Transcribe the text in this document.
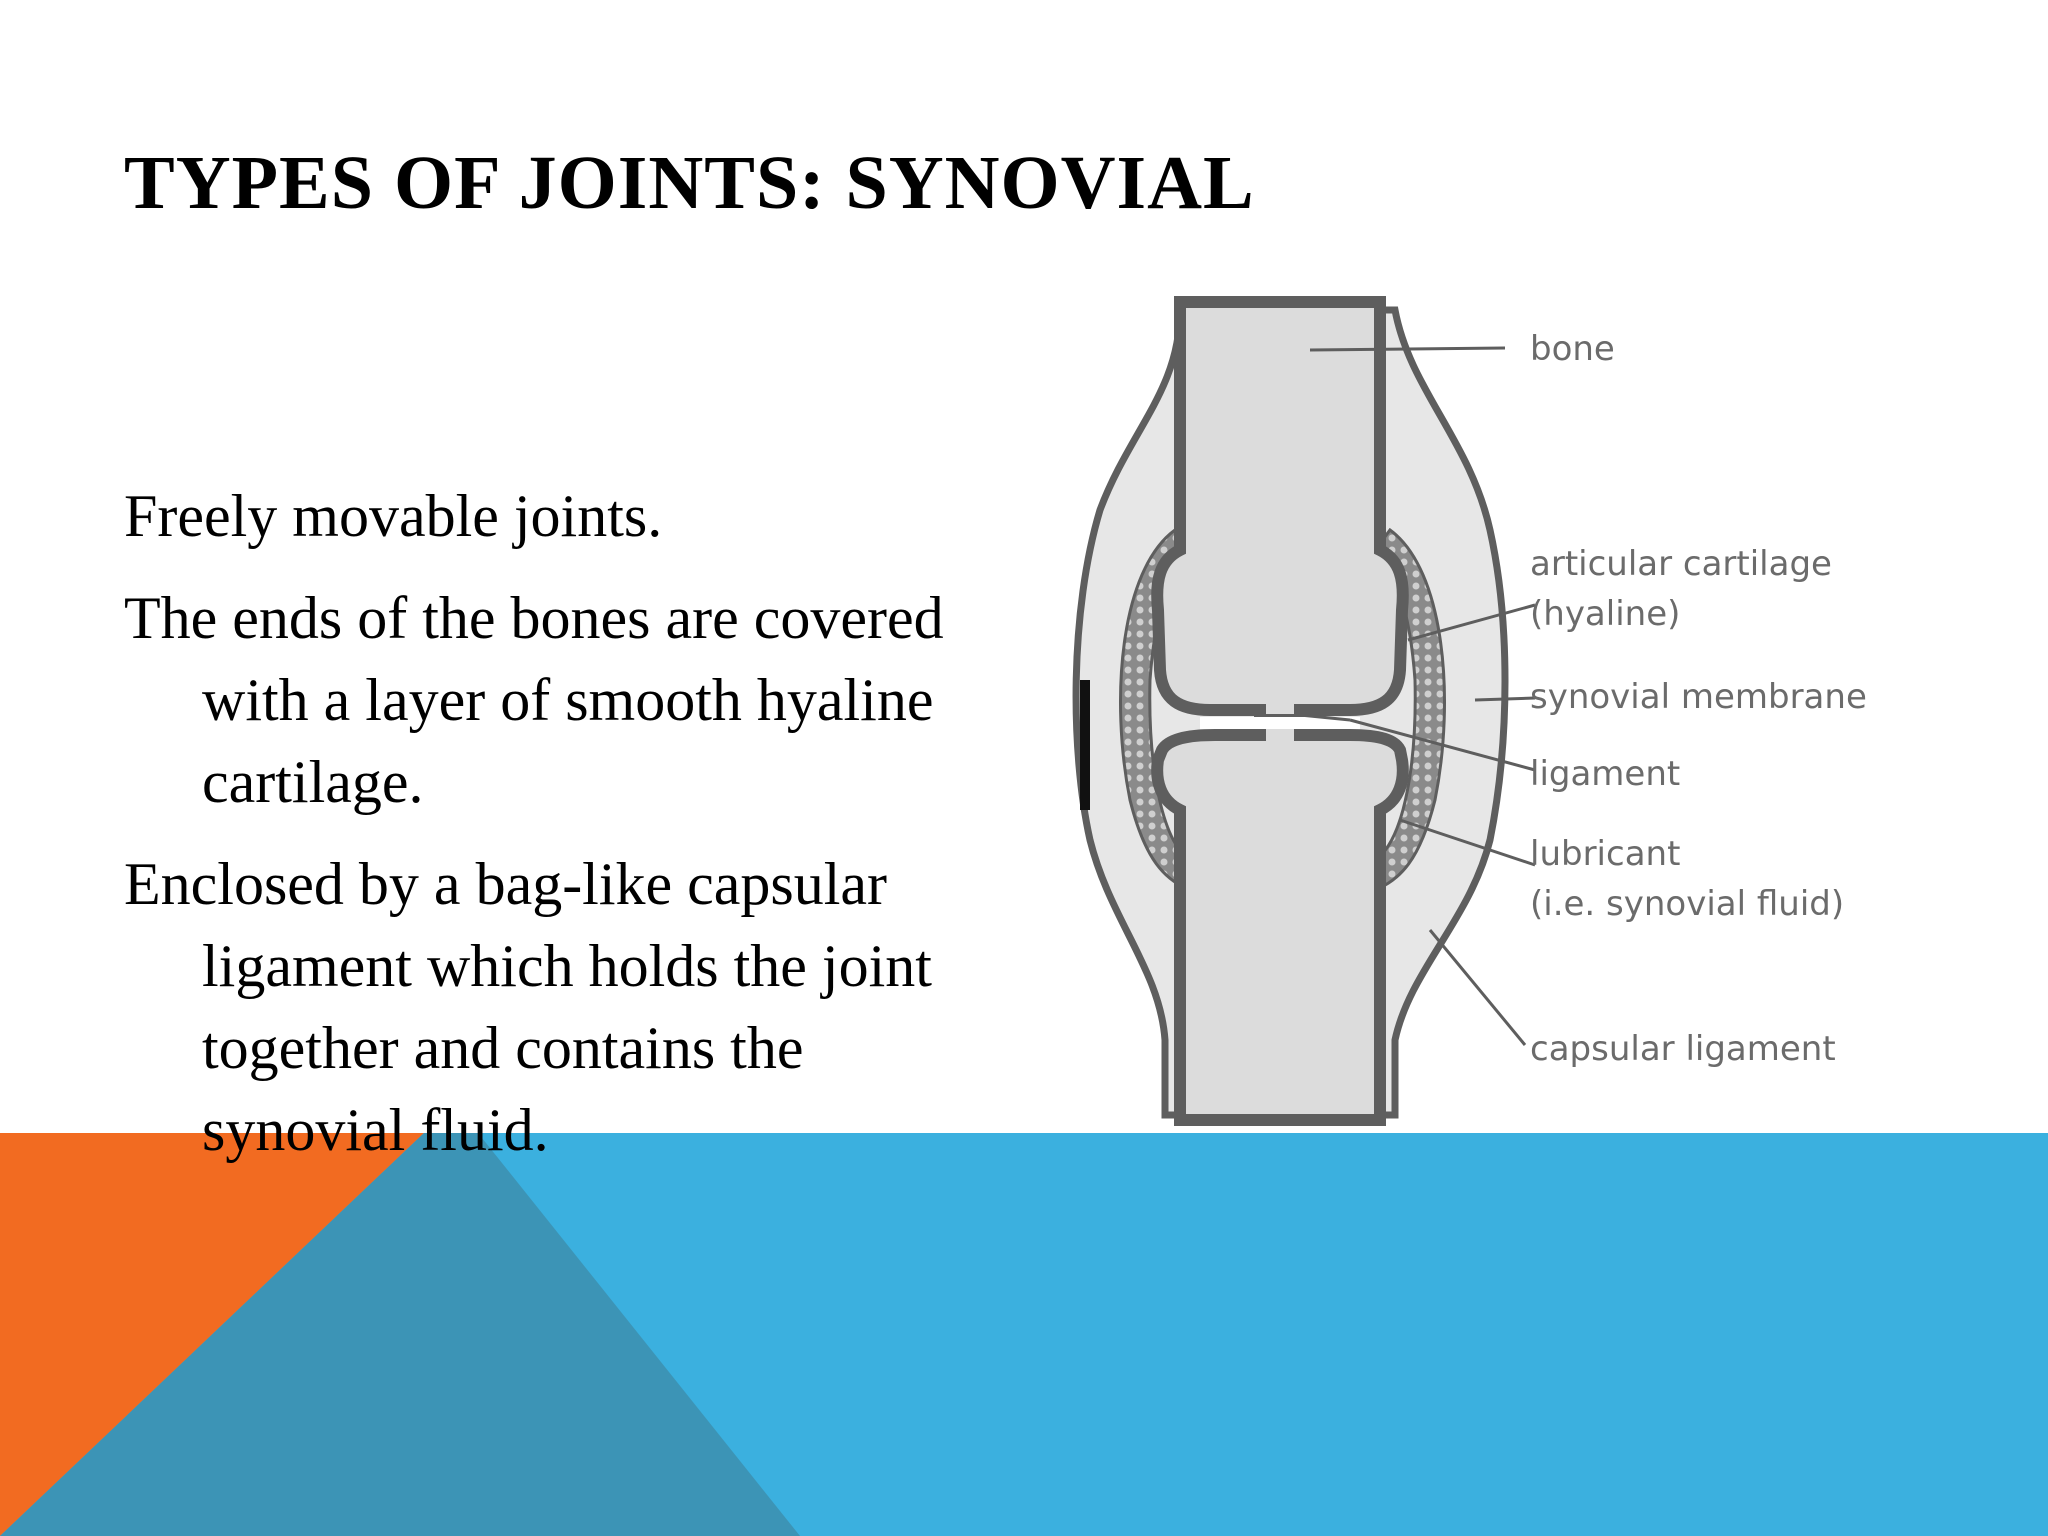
TYPES OF JOINTS: SYNOVIAL
Freely movable joints.
The ends of the bones are covered with a layer of smooth hyaline cartilage.
Enclosed by a bag-like capsular ligament which holds the joint together and contains the synovial fluid.
bone
articular cartilage
(hyaline)
synovial membrane
ligament
lubricant
(i.e. synovial fluid)
capsular ligament
